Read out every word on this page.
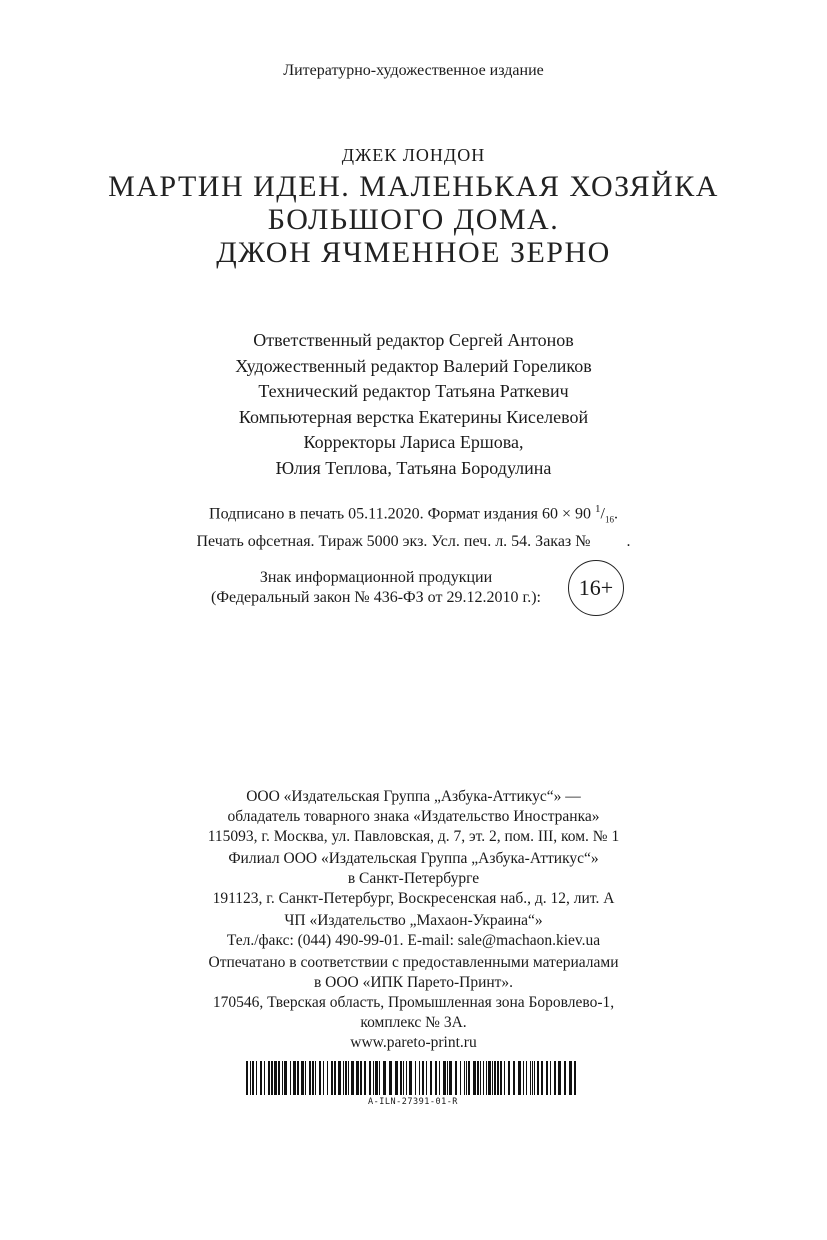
Литературно-художественное издание
ДЖЕК ЛОНДОН
МАРТИН ИДЕН. МАЛЕНЬКАЯ ХОЗЯЙКА
БОЛЬШОГО ДОМА.
ДЖОН ЯЧМЕННОЕ ЗЕРНО
Ответственный редактор Сергей Антонов
Художественный редактор Валерий Гореликов
Технический редактор Татьяна Раткевич
Компьютерная верстка Екатерины Киселевой
Корректоры Лариса Ершова,
Юлия Теплова, Татьяна Бородулина
Подписано в печать 05.11.2020. Формат издания 60 × 90 $^1/_{16}$.
Печать офсетная. Тираж 5000 экз. Усл. печ. л. 54. Заказ № .
Знак информационной продукции
(Федеральный закон № 436-ФЗ от 29.12.2010 г.):	16+
ООО «Издательская Группа „Азбука-Аттикус“» —
обладатель товарного знака «Издательство Иностранка»
115093, г. Москва, ул. Павловская, д. 7, эт. 2, пом. III, ком. № 1
Филиал ООО «Издательская Группа „Азбука-Аттикус“»
в Санкт-Петербурге
191123, г. Санкт-Петербург, Воскресенская наб., д. 12, лит. А
ЧП «Издательство „Махаон-Украина“»
Тел./факс: (044) 490-99-01. E-mail: sale@machaon.kiev.ua
Отпечатано в соответствии с предоставленными материалами
в ООО «ИПК Парето-Принт».
170546, Тверская область, Промышленная зона Боровлево-1,
комплекс № 3А.
www.pareto-print.ru
A-ILN-27391-01-R
